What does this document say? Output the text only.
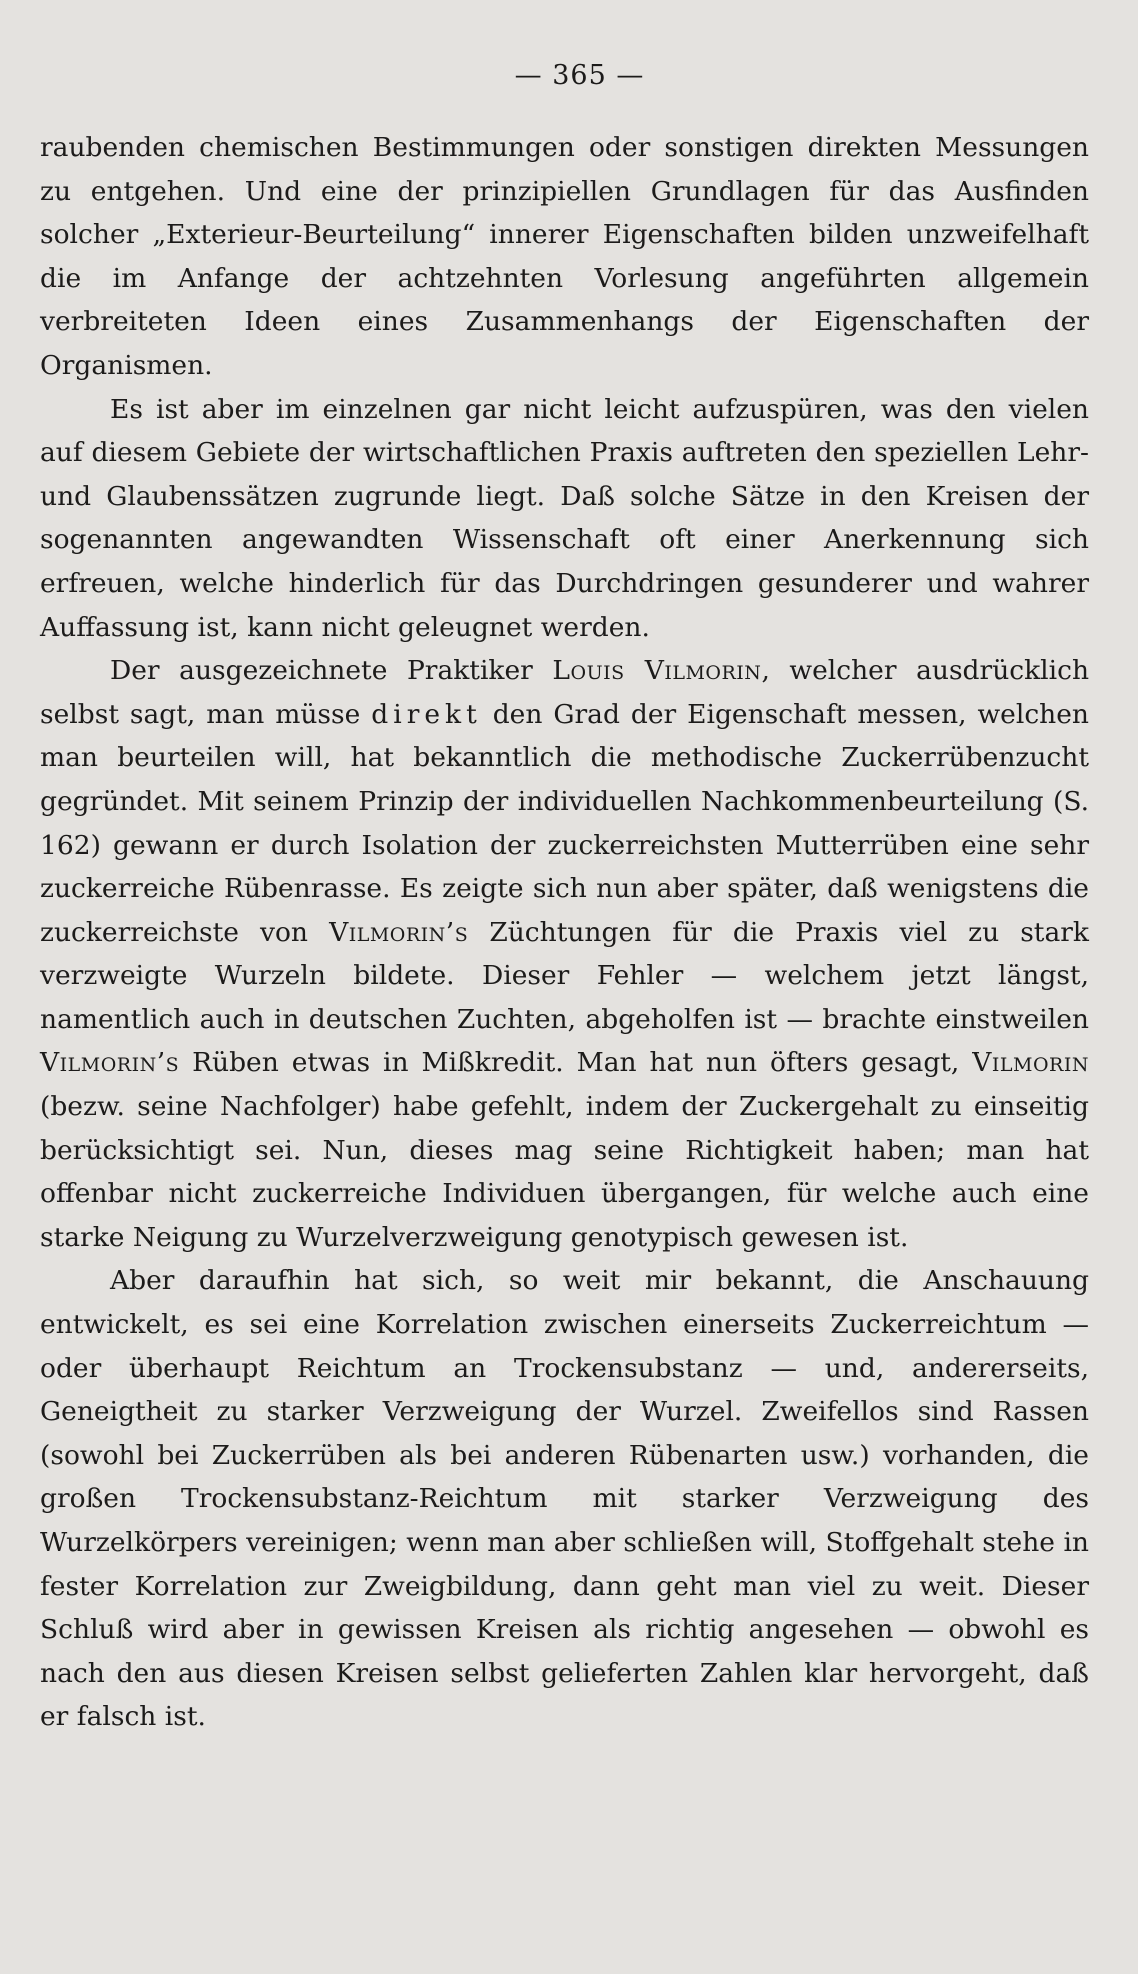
— 365 —

raubenden chemischen Bestimmungen oder sonstigen direkten Messungen zu entgehen. Und eine der prinzipiellen Grundlagen für das Ausfinden solcher „Exterieur-Beurteilung“ innerer Eigenschaften bilden unzweifelhaft die im Anfange der achtzehnten Vorlesung angeführten allgemein verbreiteten Ideen eines Zusammenhangs der Eigenschaften der Organismen.

Es ist aber im einzelnen gar nicht leicht aufzuspüren, was den vielen auf diesem Gebiete der wirtschaftlichen Praxis auftreten den speziellen Lehr- und Glaubenssätzen zugrunde liegt. Daß solche Sätze in den Kreisen der sogenannten angewandten Wissenschaft oft einer Anerkennung sich erfreuen, welche hinderlich für das Durchdringen gesunderer und wahrer Auffassung ist, kann nicht geleugnet werden.

Der ausgezeichnete Praktiker Louis Vilmorin, welcher ausdrücklich selbst sagt, man müsse direkt den Grad der Eigenschaft messen, welchen man beurteilen will, hat bekanntlich die methodische Zuckerrübenzucht gegründet. Mit seinem Prinzip der individuellen Nachkommenbeurteilung (S. 162) gewann er durch Isolation der zuckerreichsten Mutterrüben eine sehr zuckerreiche Rübenrasse. Es zeigte sich nun aber später, daß wenigstens die zuckerreichste von Vilmorin’s Züchtungen für die Praxis viel zu stark verzweigte Wurzeln bildete. Dieser Fehler — welchem jetzt längst, namentlich auch in deutschen Zuchten, abgeholfen ist — brachte einstweilen Vilmorin’s Rüben etwas in Mißkredit. Man hat nun öfters gesagt, Vilmorin (bezw. seine Nachfolger) habe gefehlt, indem der Zuckergehalt zu einseitig berücksichtigt sei. Nun, dieses mag seine Richtigkeit haben; man hat offenbar nicht zuckerreiche Individuen übergangen, für welche auch eine starke Neigung zu Wurzelverzweigung genotypisch gewesen ist.

Aber daraufhin hat sich, so weit mir bekannt, die Anschauung entwickelt, es sei eine Korrelation zwischen einerseits Zuckerreichtum — oder überhaupt Reichtum an Trockensubstanz — und, andererseits, Geneigtheit zu starker Verzweigung der Wurzel. Zweifellos sind Rassen (sowohl bei Zuckerrüben als bei anderen Rübenarten usw.) vorhanden, die großen Trockensubstanz-Reichtum mit starker Verzweigung des Wurzelkörpers vereinigen; wenn man aber schließen will, Stoffgehalt stehe in fester Korrelation zur Zweigbildung, dann geht man viel zu weit. Dieser Schluß wird aber in gewissen Kreisen als richtig angesehen — obwohl es nach den aus diesen Kreisen selbst gelieferten Zahlen klar hervorgeht, daß er falsch ist.
